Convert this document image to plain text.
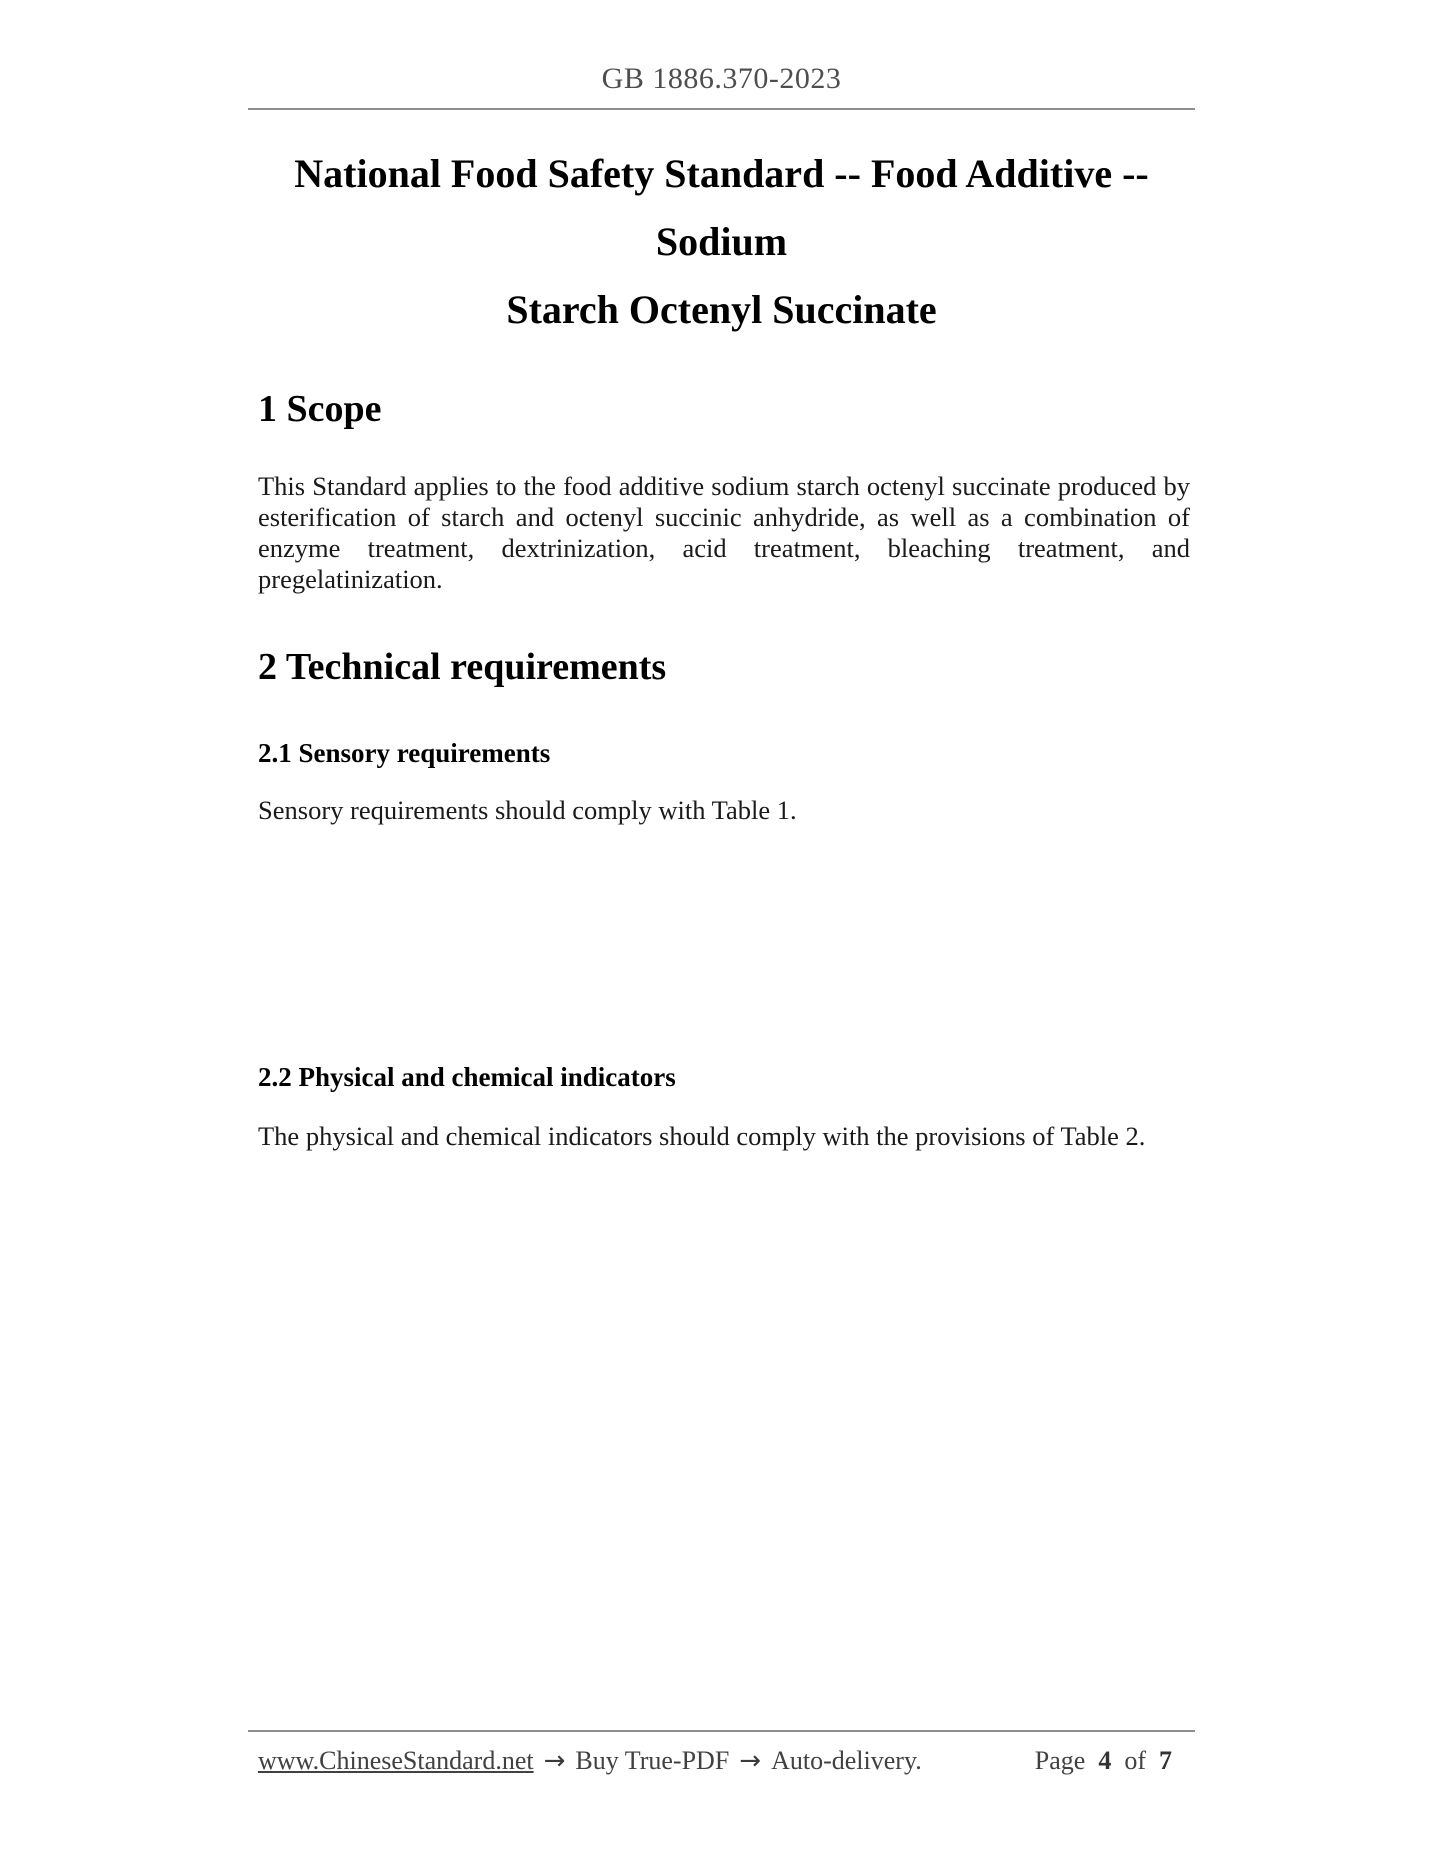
GB 1886.370-2023
National Food Safety Standard -- Food Additive -- Sodium
Starch Octenyl Succinate
1 Scope

This Standard applies to the food additive sodium starch octenyl succinate produced by esterification of starch and octenyl succinic anhydride, as well as a combination of enzyme treatment, dextrinization, acid treatment, bleaching treatment, and pregelatinization.

2 Technical requirements
2.1 Sensory requirements

Sensory requirements should comply with Table 1.

2.2 Physical and chemical indicators

The physical and chemical indicators should comply with the provisions of Table 2.

www.ChineseStandard.net → Buy True-PDF → Auto-delivery.	Page 4 of 7
